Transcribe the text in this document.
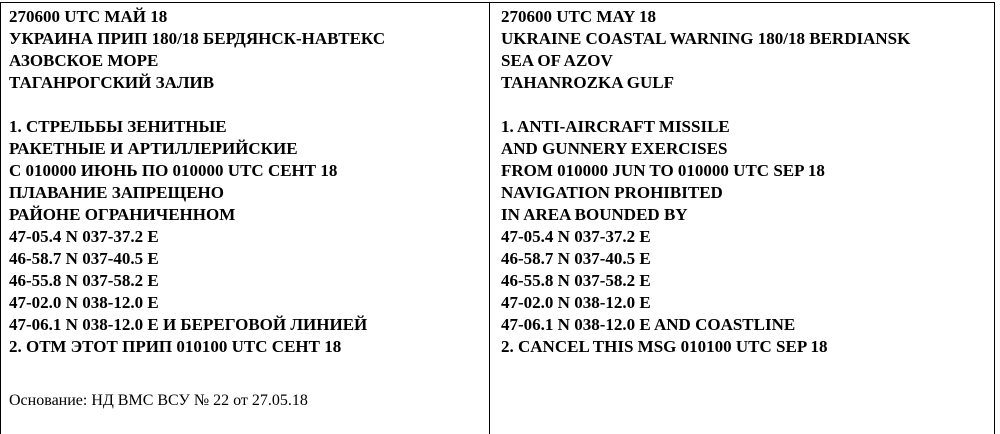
270600 UTC МАЙ 18
УКРАИНА ПРИП 180/18 БЕРДЯНСК-НАВТЕКС
АЗОВСКОЕ МОРЕ
ТАГАНРОГСКИЙ ЗАЛИВ
1. СТРЕЛЬБЫ ЗЕНИТНЫЕ
РАКЕТНЫЕ И АРТИЛЛЕРИЙСКИЕ
С 010000 ИЮНЬ ПО 010000 UTC СЕНТ 18
ПЛАВАНИЕ ЗАПРЕЩЕНО
РАЙОНЕ ОГРАНИЧЕННОМ
47-05.4 N 037-37.2 E
46-58.7 N 037-40.5 E
46-55.8 N 037-58.2 E
47-02.0 N 038-12.0 E
47-06.1 N 038-12.0 E И БЕРЕГОВОЙ ЛИНИЕЙ
2. ОТМ ЭТОТ ПРИП 010100 UTC СЕНТ 18
Основание: НД ВМС ВСУ № 22 от 27.05.18
270600 UTC MAY 18
UKRAINE COASTAL WARNING 180/18 BERDIANSK
SEA OF AZOV
TAHANROZKA GULF
1. ANTI-AIRCRAFT MISSILE
AND GUNNERY EXERCISES
FROM 010000 JUN TO 010000 UTC SEP 18
NAVIGATION PROHIBITED
IN AREA BOUNDED BY
47-05.4 N 037-37.2 E
46-58.7 N 037-40.5 E
46-55.8 N 037-58.2 E
47-02.0 N 038-12.0 E
47-06.1 N 038-12.0 E AND COASTLINE
2. CANCEL THIS MSG 010100 UTC SEP 18
